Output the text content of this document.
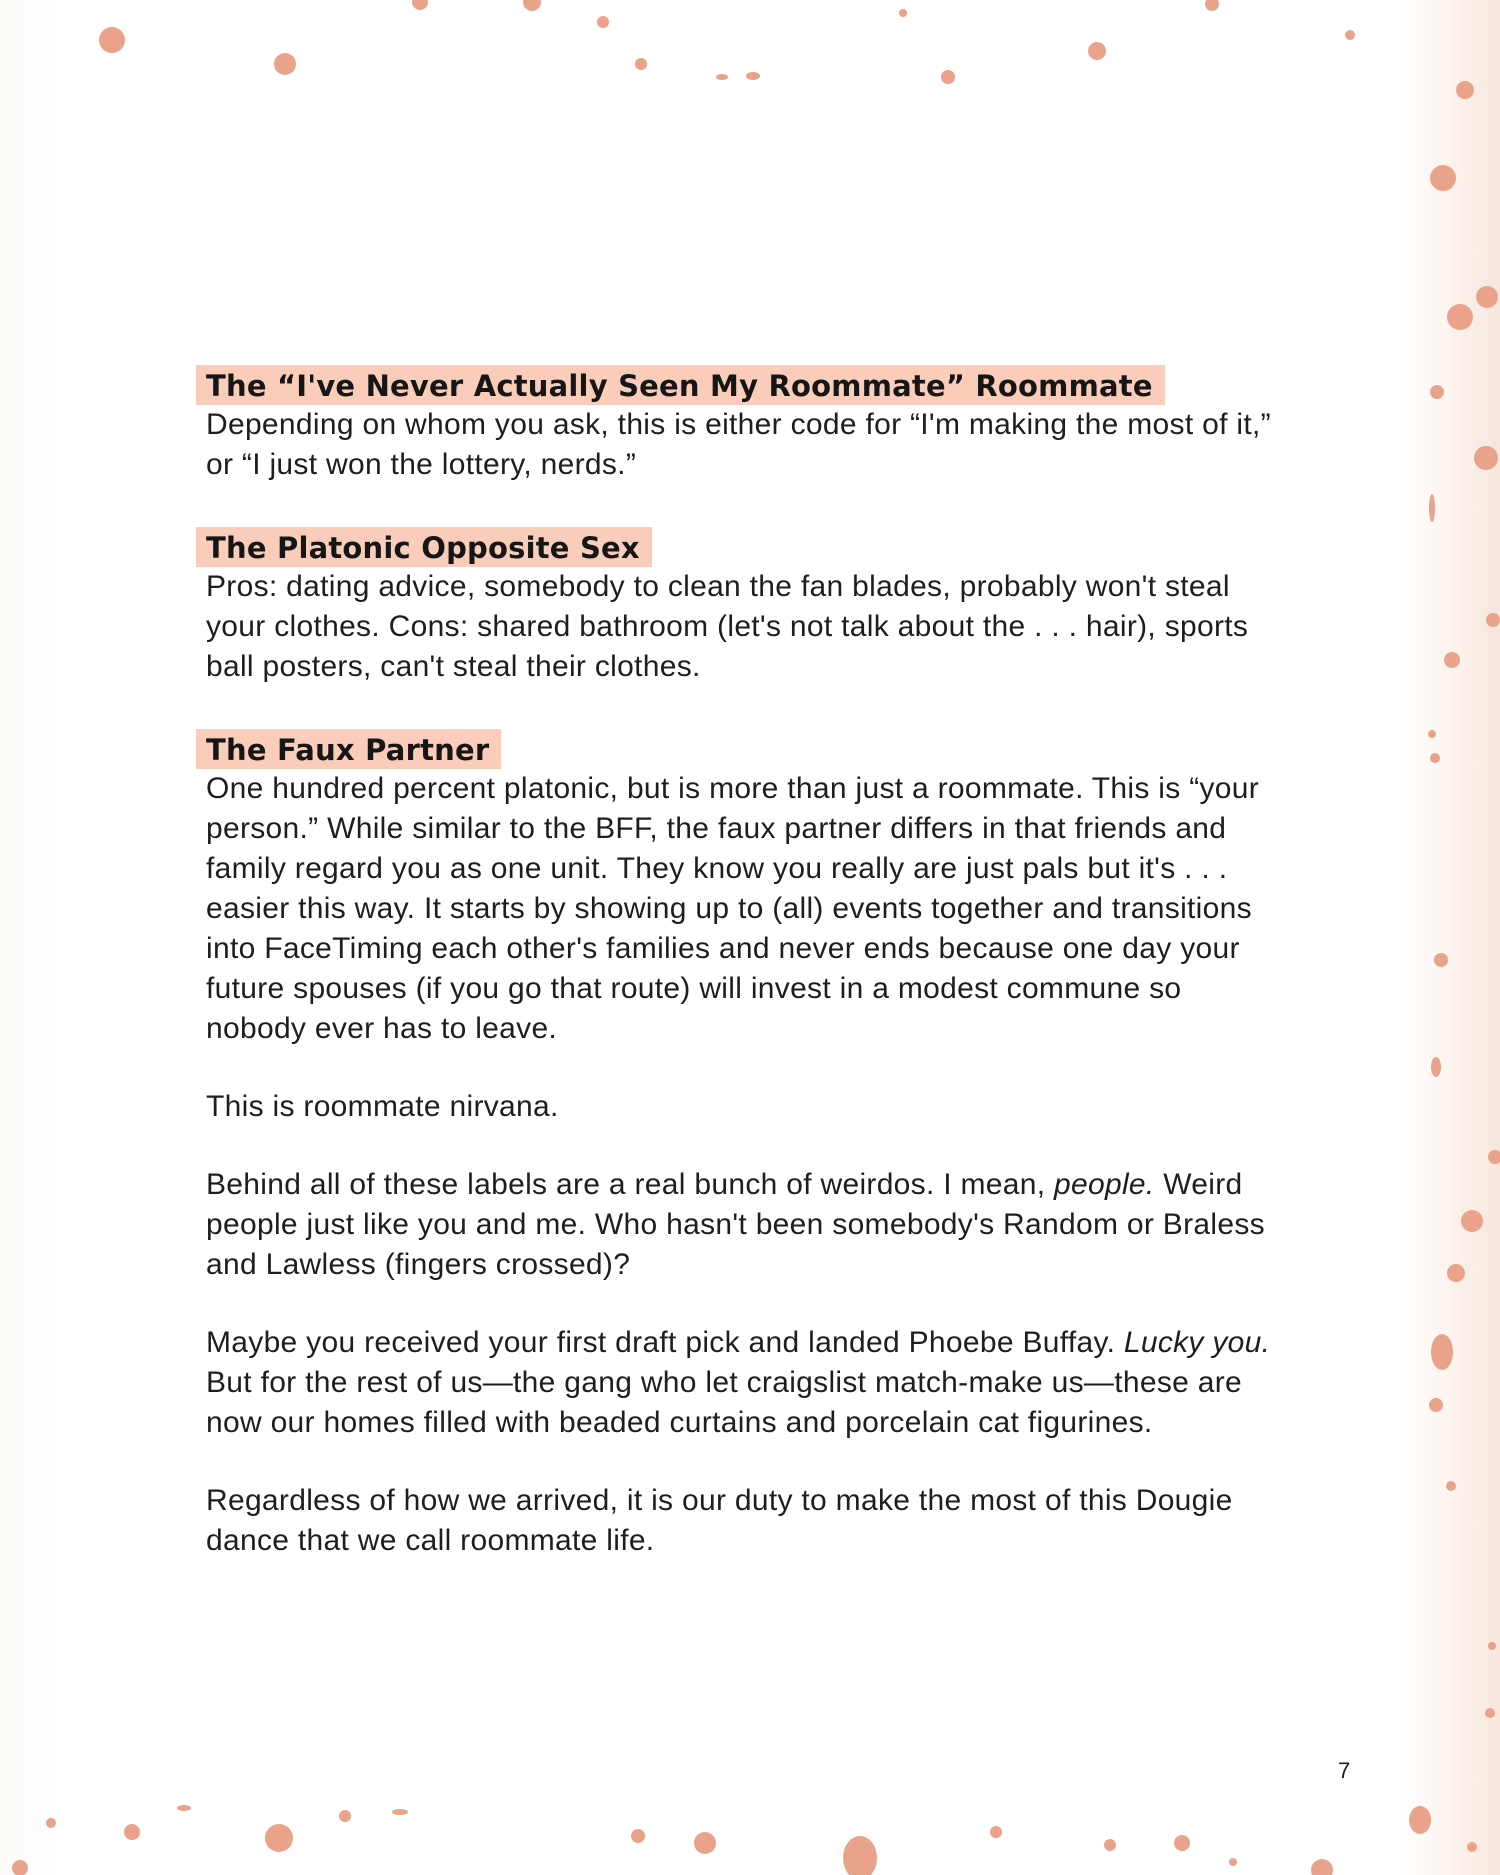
The “I've Never Actually Seen My Roommate” Roommate

Depending on whom you ask, this is either code for “I'm making the most of it,” or “I just won the lottery, nerds.”

The Platonic Opposite Sex

Pros: dating advice, somebody to clean the fan blades, probably won't steal your clothes. Cons: shared bathroom (let's not talk about the . . . hair), sports ball posters, can't steal their clothes.

The Faux Partner

One hundred percent platonic, but is more than just a roommate. This is “your person.” While similar to the BFF, the faux partner differs in that friends and family regard you as one unit. They know you really are just pals but it's . . . easier this way. It starts by showing up to (all) events together and transitions into FaceTiming each other's families and never ends because one day your future spouses (if you go that route) will invest in a modest commune so nobody ever has to leave.

This is roommate nirvana.

Behind all of these labels are a real bunch of weirdos. I mean, people. Weird people just like you and me. Who hasn't been somebody's Random or Braless and Lawless (fingers crossed)?

Maybe you received your first draft pick and landed Phoebe Buffay. Lucky you. But for the rest of us—the gang who let craigslist match-make us—these are now our homes filled with beaded curtains and porcelain cat figurines.

Regardless of how we arrived, it is our duty to make the most of this Dougie dance that we call roommate life.

7
